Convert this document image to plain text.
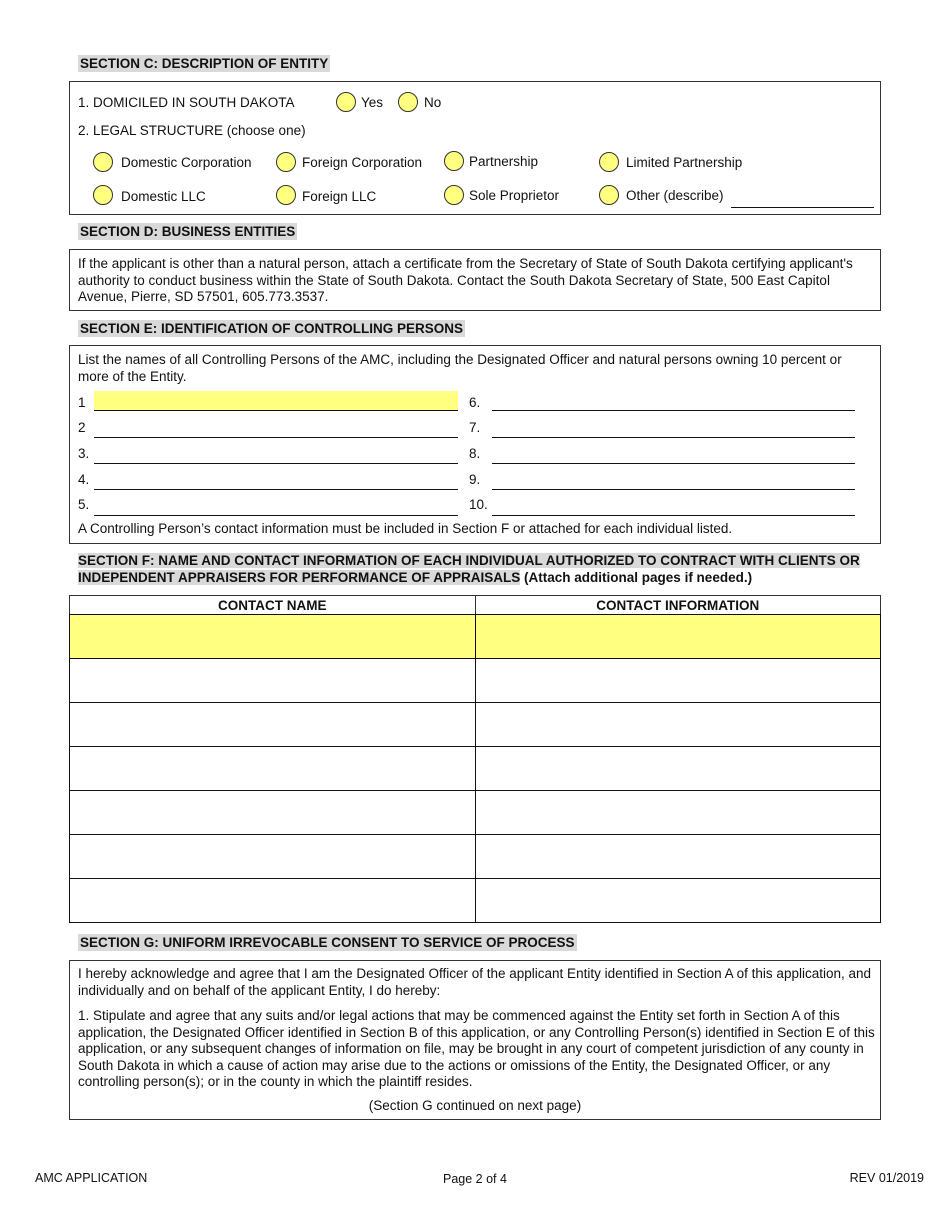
SECTION C: DESCRIPTION OF ENTITY
1. DOMICILED IN SOUTH DAKOTA	Yes	No
2. LEGAL STRUCTURE (choose one)
Domestic Corporation	Foreign Corporation	Partnership	Limited Partnership
Domestic LLC	Foreign LLC	Sole Proprietor	Other (describe)
SECTION D: BUSINESS ENTITIES
If the applicant is other than a natural person, attach a certificate from the Secretary of State of South Dakota certifying applicant's authority to conduct business within the State of South Dakota. Contact the South Dakota Secretary of State, 500 East Capitol Avenue, Pierre, SD 57501, 605.773.3537.
SECTION E: IDENTIFICATION OF CONTROLLING PERSONS
List the names of all Controlling Persons of the AMC, including the Designated Officer and natural persons owning 10 percent or more of the Entity.
1
2
3.
4.
5.
6.
7.
8.
9.
10.
A Controlling Person’s contact information must be included in Section F or attached for each individual listed.
SECTION F: NAME AND CONTACT INFORMATION OF EACH INDIVIDUAL AUTHORIZED TO CONTRACT WITH CLIENTS OR INDEPENDENT APPRAISERS FOR PERFORMANCE OF APPRAISALS (Attach additional pages if needed.)
CONTACT NAME	CONTACT INFORMATION

SECTION G: UNIFORM IRREVOCABLE CONSENT TO SERVICE OF PROCESS
I hereby acknowledge and agree that I am the Designated Officer of the applicant Entity identified in Section A of this application, and individually and on behalf of the applicant Entity, I do hereby:
1. Stipulate and agree that any suits and/or legal actions that may be commenced against the Entity set forth in Section A of this application, the Designated Officer identified in Section B of this application, or any Controlling Person(s) identified in Section E of this application, or any subsequent changes of information on file, may be brought in any court of competent jurisdiction of any county in South Dakota in which a cause of action may arise due to the actions or omissions of the Entity, the Designated Officer, or any controlling person(s); or in the county in which the plaintiff resides.
(Section G continued on next page)
AMC APPLICATION	Page 2 of 4	REV 01/2019
